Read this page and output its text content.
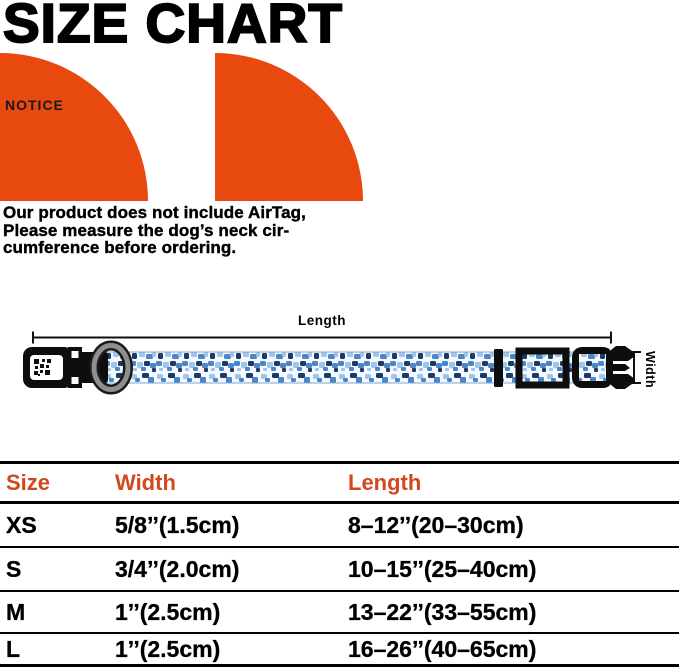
SIZE CHART
NOTICE
Our product does not include AirTag,
Please measure the dog’s neck cir-
cumference before ordering.
Length
Width
Size	Width	Length
XS	5/8’’(1.5cm)	8–12’’(20–30cm)
S	3/4’’(2.0cm)	10–15’’(25–40cm)
M	1’’(2.5cm)	13–22’’(33–55cm)
L	1’’(2.5cm)	16–26’’(40–65cm)
